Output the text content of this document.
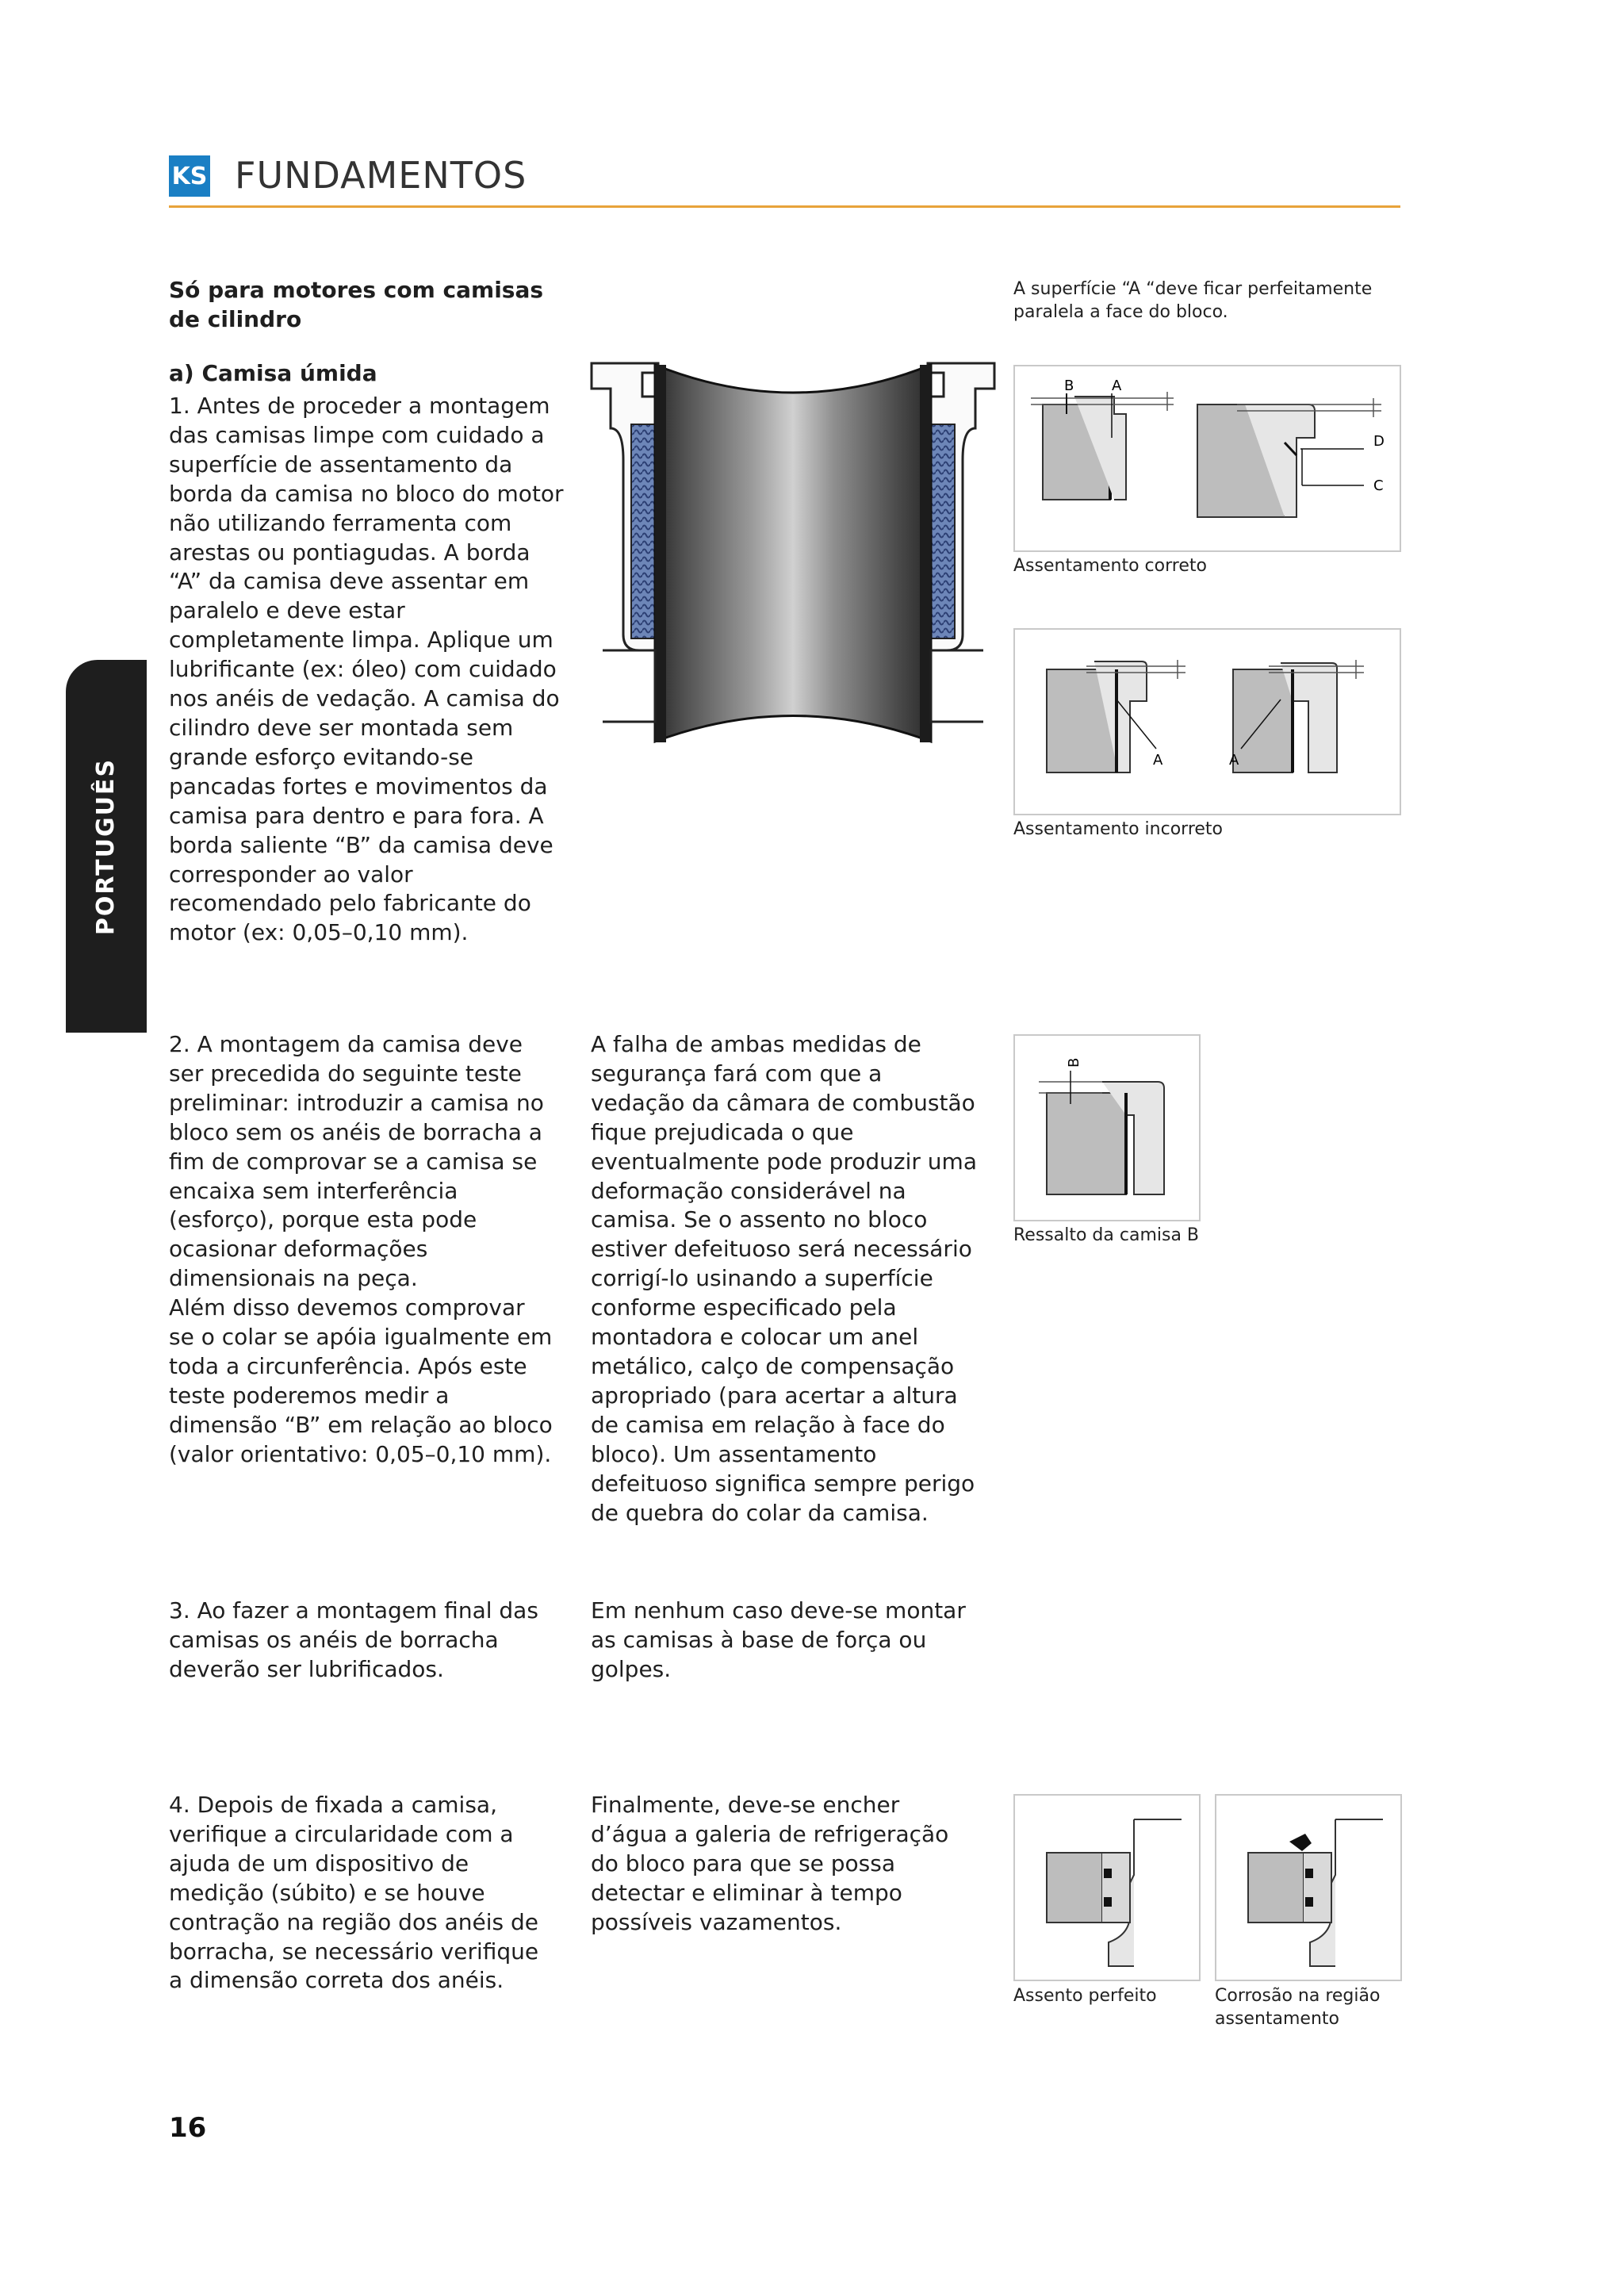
KS FUNDAMENTOS
PORTUGUÊS
Só para motores com camisas de cilindro
a) Camisa úmida
1. Antes de proceder a montagem das camisas limpe com cuidado a superfície de assentamento da borda da camisa no bloco do motor não utilizando ferramenta com arestas ou pontiagudas. A borda “A” da camisa deve assentar em paralelo e deve estar completamente limpa. Aplique um lubrificante (ex: óleo) com cuidado nos anéis de vedação. A camisa do cilindro deve ser montada sem grande esforço evitando-se pancadas fortes e movimentos da camisa para dentro e para fora. A borda saliente “B” da camisa deve corresponder ao valor recomendado pelo fabricante do motor (ex: 0,05–0,10 mm).
A superfície “A “deve ficar perfeitamente paralela a face do bloco.
B	A
D
C
Assentamento correto
A	A
Assentamento incorreto

2. A montagem da camisa deve ser precedida do seguinte teste preliminar: introduzir a camisa no bloco sem os anéis de borracha a fim de comprovar se a camisa se encaixa sem interferência (esforço), porque esta pode ocasionar deformações dimensionais na peça.

Além disso devemos comprovar se o colar se apóia igualmente em toda a circunferência. Após este teste poderemos medir a dimensão “B” em relação ao bloco (valor orientativo: 0,05–0,10 mm).

A falha de ambas medidas de segurança fará com que a vedação da câmara de combustão fique prejudicada o que eventualmente pode produzir uma deformação considerável na camisa. Se o assento no bloco estiver defeituoso será necessário corrigí-lo usinando a superfície conforme especificado pela montadora e colocar um anel metálico, calço de compensação apropriado (para acertar a altura de camisa em relação à face do bloco). Um assentamento defeituoso significa sempre perigo de quebra do colar da camisa.
B
Ressalto da camisa B
3. Ao fazer a montagem final das camisas os anéis de borracha deverão ser lubrificados.
Em nenhum caso deve-se montar as camisas à base de força ou golpes.
4. Depois de fixada a camisa, verifique a circularidade com a ajuda de um dispositivo de medição (súbito) e se houve contração na região dos anéis de borracha, se necessário verifique a dimensão correta dos anéis.
Finalmente, deve-se encher d’água a galeria de refrigeração do bloco para que se possa detectar e eliminar à tempo possíveis vazamentos.
Assento perfeito	Corrosão na região assentamento
16
